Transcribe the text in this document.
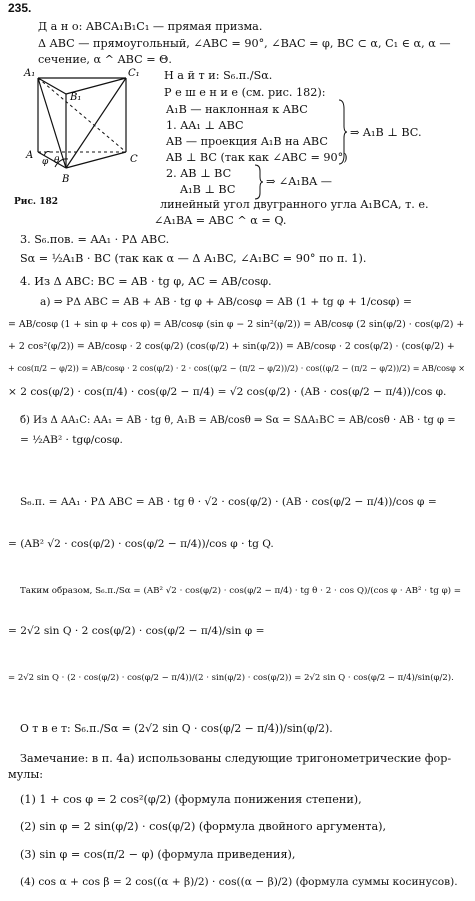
235.
Д а н о: ABCA₁B₁C₁ — прямая призма.
Δ ABC — прямоугольный, ∠ABC = 90°, ∠BAC = φ, BC ⊂ α, C₁ ∈ α, α —
сечение, α ^ ABC = Θ.
A₁	C₁
B₁
A	C
B
φ θ
Рис. 182
Н а й т и: S₆.п./Sα.
Р е ш е н и е (см. рис. 182):
A₁B — наклонная к ABC
1. AA₁ ⊥ ABC
AB — проекция A₁B на ABC
AB ⊥ BC (так как ∠ABC = 90°)
⇒ A₁B ⊥ BC.
2. AB ⊥ BC
A₁B ⊥ BC
⇒ ∠A₁BA —
линейный угол двугранного угла A₁BCA, т. е.
∠A₁BA = ABC ^ α = Q.
3. S₆.пов. = AA₁ · PΔ ABC.
Sα = ½A₁B · BC (так как α — Δ A₁BC, ∠A₁BC = 90° по п. 1).
4. Из Δ ABC: BC = AB · tg φ, AC = AB/cosφ.
а) ⇒ PΔ ABC = AB + AB · tg φ + AB/cosφ = AB (1 + tg φ + 1/cosφ) =
= AB/cosφ (1 + sin φ + cos φ) = AB/cosφ (sin φ − 2 sin²(φ/2)) = AB/cosφ (2 sin(φ/2) · cos(φ/2) +
+ 2 cos²(φ/2)) = AB/cosφ · 2 cos(φ/2) (cos(φ/2) + sin(φ/2)) = AB/cosφ · 2 cos(φ/2) · (cos(φ/2) +
+ cos(π/2 − φ/2)) = AB/cosφ · 2 cos(φ/2) · 2 · cos((φ/2 − (π/2 − φ/2))/2) · cos((φ/2 − (π/2 − φ/2))/2) = AB/cosφ ×
× 2 cos(φ/2) · cos(π/4) · cos(φ/2 − π/4) = √2 cos(φ/2) · (AB · cos(φ/2 − π/4))/cos φ.
б) Из Δ AA₁C: AA₁ = AB · tg θ, A₁B = AB/cosθ ⇒ Sα = SΔA₁BC = AB/cosθ · AB · tg φ =
= ½AB² · tgφ/cosφ.
S₆.п. = AA₁ · PΔ ABC = AB · tg θ · √2 · cos(φ/2) · (AB · cos(φ/2 − π/4))/cos φ =
= (AB² √2 · cos(φ/2) · cos(φ/2 − π/4))/cos φ · tg Q.
Таким образом, S₆.п./Sα = (AB² √2 · cos(φ/2) · cos(φ/2 − π/4) · tg θ · 2 · cos Q)/(cos φ · AB² · tg φ) =
= 2√2 sin Q · 2 cos(φ/2) · cos(φ/2 − π/4)/sin φ =
= 2√2 sin Q · (2 · cos(φ/2) · cos(φ/2 − π/4))/(2 · sin(φ/2) · cos(φ/2)) = 2√2 sin Q · cos(φ/2 − π/4)/sin(φ/2).
О т в е т: S₆.п./Sα = (2√2 sin Q · cos(φ/2 − π/4))/sin(φ/2).
Замечание: в п. 4а) использованы следующие тригонометрические фор-
мулы:
(1) 1 + cos φ = 2 cos²(φ/2) (формула понижения степени),
(2) sin φ = 2 sin(φ/2) · cos(φ/2) (формула двойного аргумента),
(3) sin φ = cos(π/2 − φ) (формула приведения),
(4) cos α + cos β = 2 cos((α + β)/2) · cos((α − β)/2) (формула суммы косинусов).
